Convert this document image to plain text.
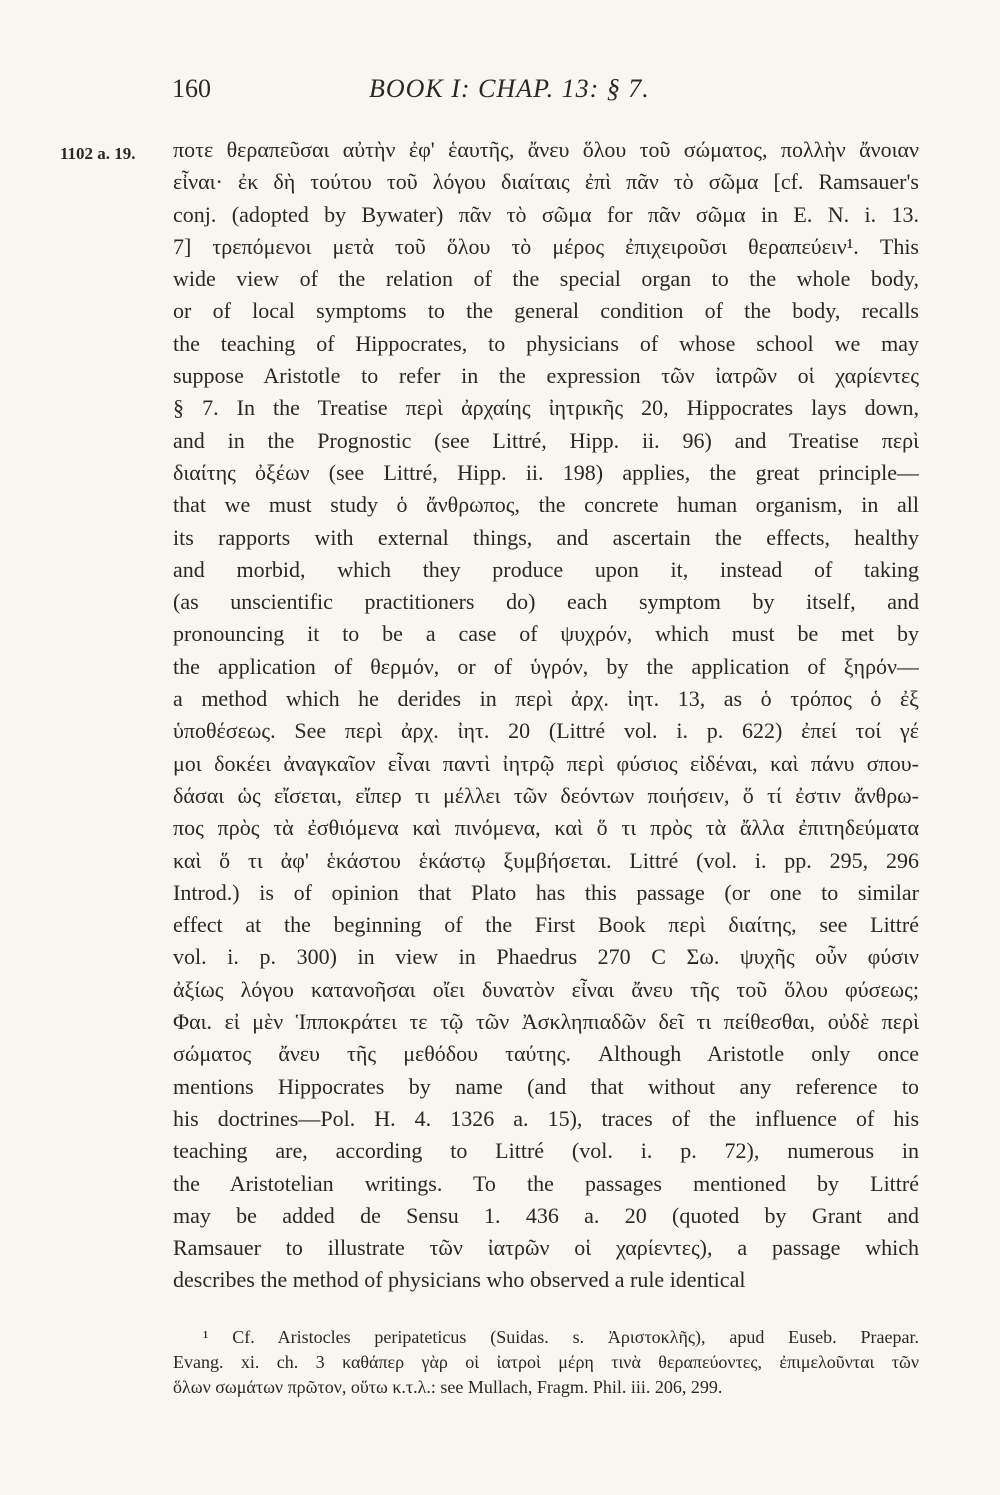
160	BOOK I: CHAP. 13: § 7.
1102 a. 19. ποτε θεραπεῦσαι αὐτὴν ἐφ' ἑαυτῆς, ἄνευ ὅλου τοῦ σώματος, πολλὴν ἄνοιαν
εἶναι· ἐκ δὴ τούτου τοῦ λόγου διαίταις ἐπὶ πᾶν τὸ σῶμα [cf. Ramsauer's
conj. (adopted by Bywater) πᾶν τὸ σῶμα for πᾶν σῶμα in E. N. i. 13.
7] τρεπόμενοι μετὰ τοῦ ὅλου τὸ μέρος ἐπιχειροῦσι θεραπεύειν¹. This
wide view of the relation of the special organ to the whole body,
or of local symptoms to the general condition of the body, recalls
the teaching of Hippocrates, to physicians of whose school we may
suppose Aristotle to refer in the expression τῶν ἰατρῶν οἱ χαρίεντες
§ 7. In the Treatise περὶ ἀρχαίης ἰητρικῆς 20, Hippocrates lays down,
and in the Prognostic (see Littré, Hipp. ii. 96) and Treatise περὶ
διαίτης ὀξέων (see Littré, Hipp. ii. 198) applies, the great principle—
that we must study ὁ ἄνθρωπος, the concrete human organism, in all
its rapports with external things, and ascertain the effects, healthy
and morbid, which they produce upon it, instead of taking
(as unscientific practitioners do) each symptom by itself, and
pronouncing it to be a case of ψυχρόν, which must be met by
the application of θερμόν, or of ὑγρόν, by the application of ξηρόν—
a method which he derides in περὶ ἀρχ. ἰητ. 13, as ὁ τρόπος ὁ ἐξ
ὑποθέσεως. See περὶ ἀρχ. ἰητ. 20 (Littré vol. i. p. 622) ἐπεί τοί γέ
μοι δοκέει ἀναγκαῖον εἶναι παντὶ ἰητρῷ περὶ φύσιος εἰδέναι, καὶ πάνυ σπου-
δάσαι ὡς εἴσεται, εἴπερ τι μέλλει τῶν δεόντων ποιήσειν, ὅ τί ἐστιν ἄνθρω-
πος πρὸς τὰ ἐσθιόμενα καὶ πινόμενα, καὶ ὅ τι πρὸς τὰ ἄλλα ἐπιτηδεύματα
καὶ ὅ τι ἀφ' ἑκάστου ἑκάστῳ ξυμβήσεται. Littré (vol. i. pp. 295, 296
Introd.) is of opinion that Plato has this passage (or one to similar
effect at the beginning of the First Book περὶ διαίτης, see Littré
vol. i. p. 300) in view in Phaedrus 270 C Σω. ψυχῆς οὖν φύσιν
ἀξίως λόγου κατανοῆσαι οἴει δυνατὸν εἶναι ἄνευ τῆς τοῦ ὅλου φύσεως;
Φαι. εἰ μὲν Ἱπποκράτει τε τῷ τῶν Ἀσκληπιαδῶν δεῖ τι πείθεσθαι, οὐδὲ περὶ
σώματος ἄνευ τῆς μεθόδου ταύτης. Although Aristotle only once
mentions Hippocrates by name (and that without any reference to
his doctrines—Pol. H. 4. 1326 a. 15), traces of the influence of his
teaching are, according to Littré (vol. i. p. 72), numerous in
the Aristotelian writings. To the passages mentioned by Littré
may be added de Sensu 1. 436 a. 20 (quoted by Grant and
Ramsauer to illustrate τῶν ἰατρῶν οἱ χαρίεντες), a passage which
describes the method of physicians who observed a rule identical
¹ Cf. Aristocles peripateticus (Suidas. s. Ἀριστοκλῆς), apud Euseb. Praepar.
Evang. xi. ch. 3 καθάπερ γὰρ οἱ ἰατροὶ μέρη τινὰ θεραπεύοντες, ἐπιμελοῦνται τῶν
ὅλων σωμάτων πρῶτον, οὕτω κ.τ.λ.: see Mullach, Fragm. Phil. iii. 206, 299.
